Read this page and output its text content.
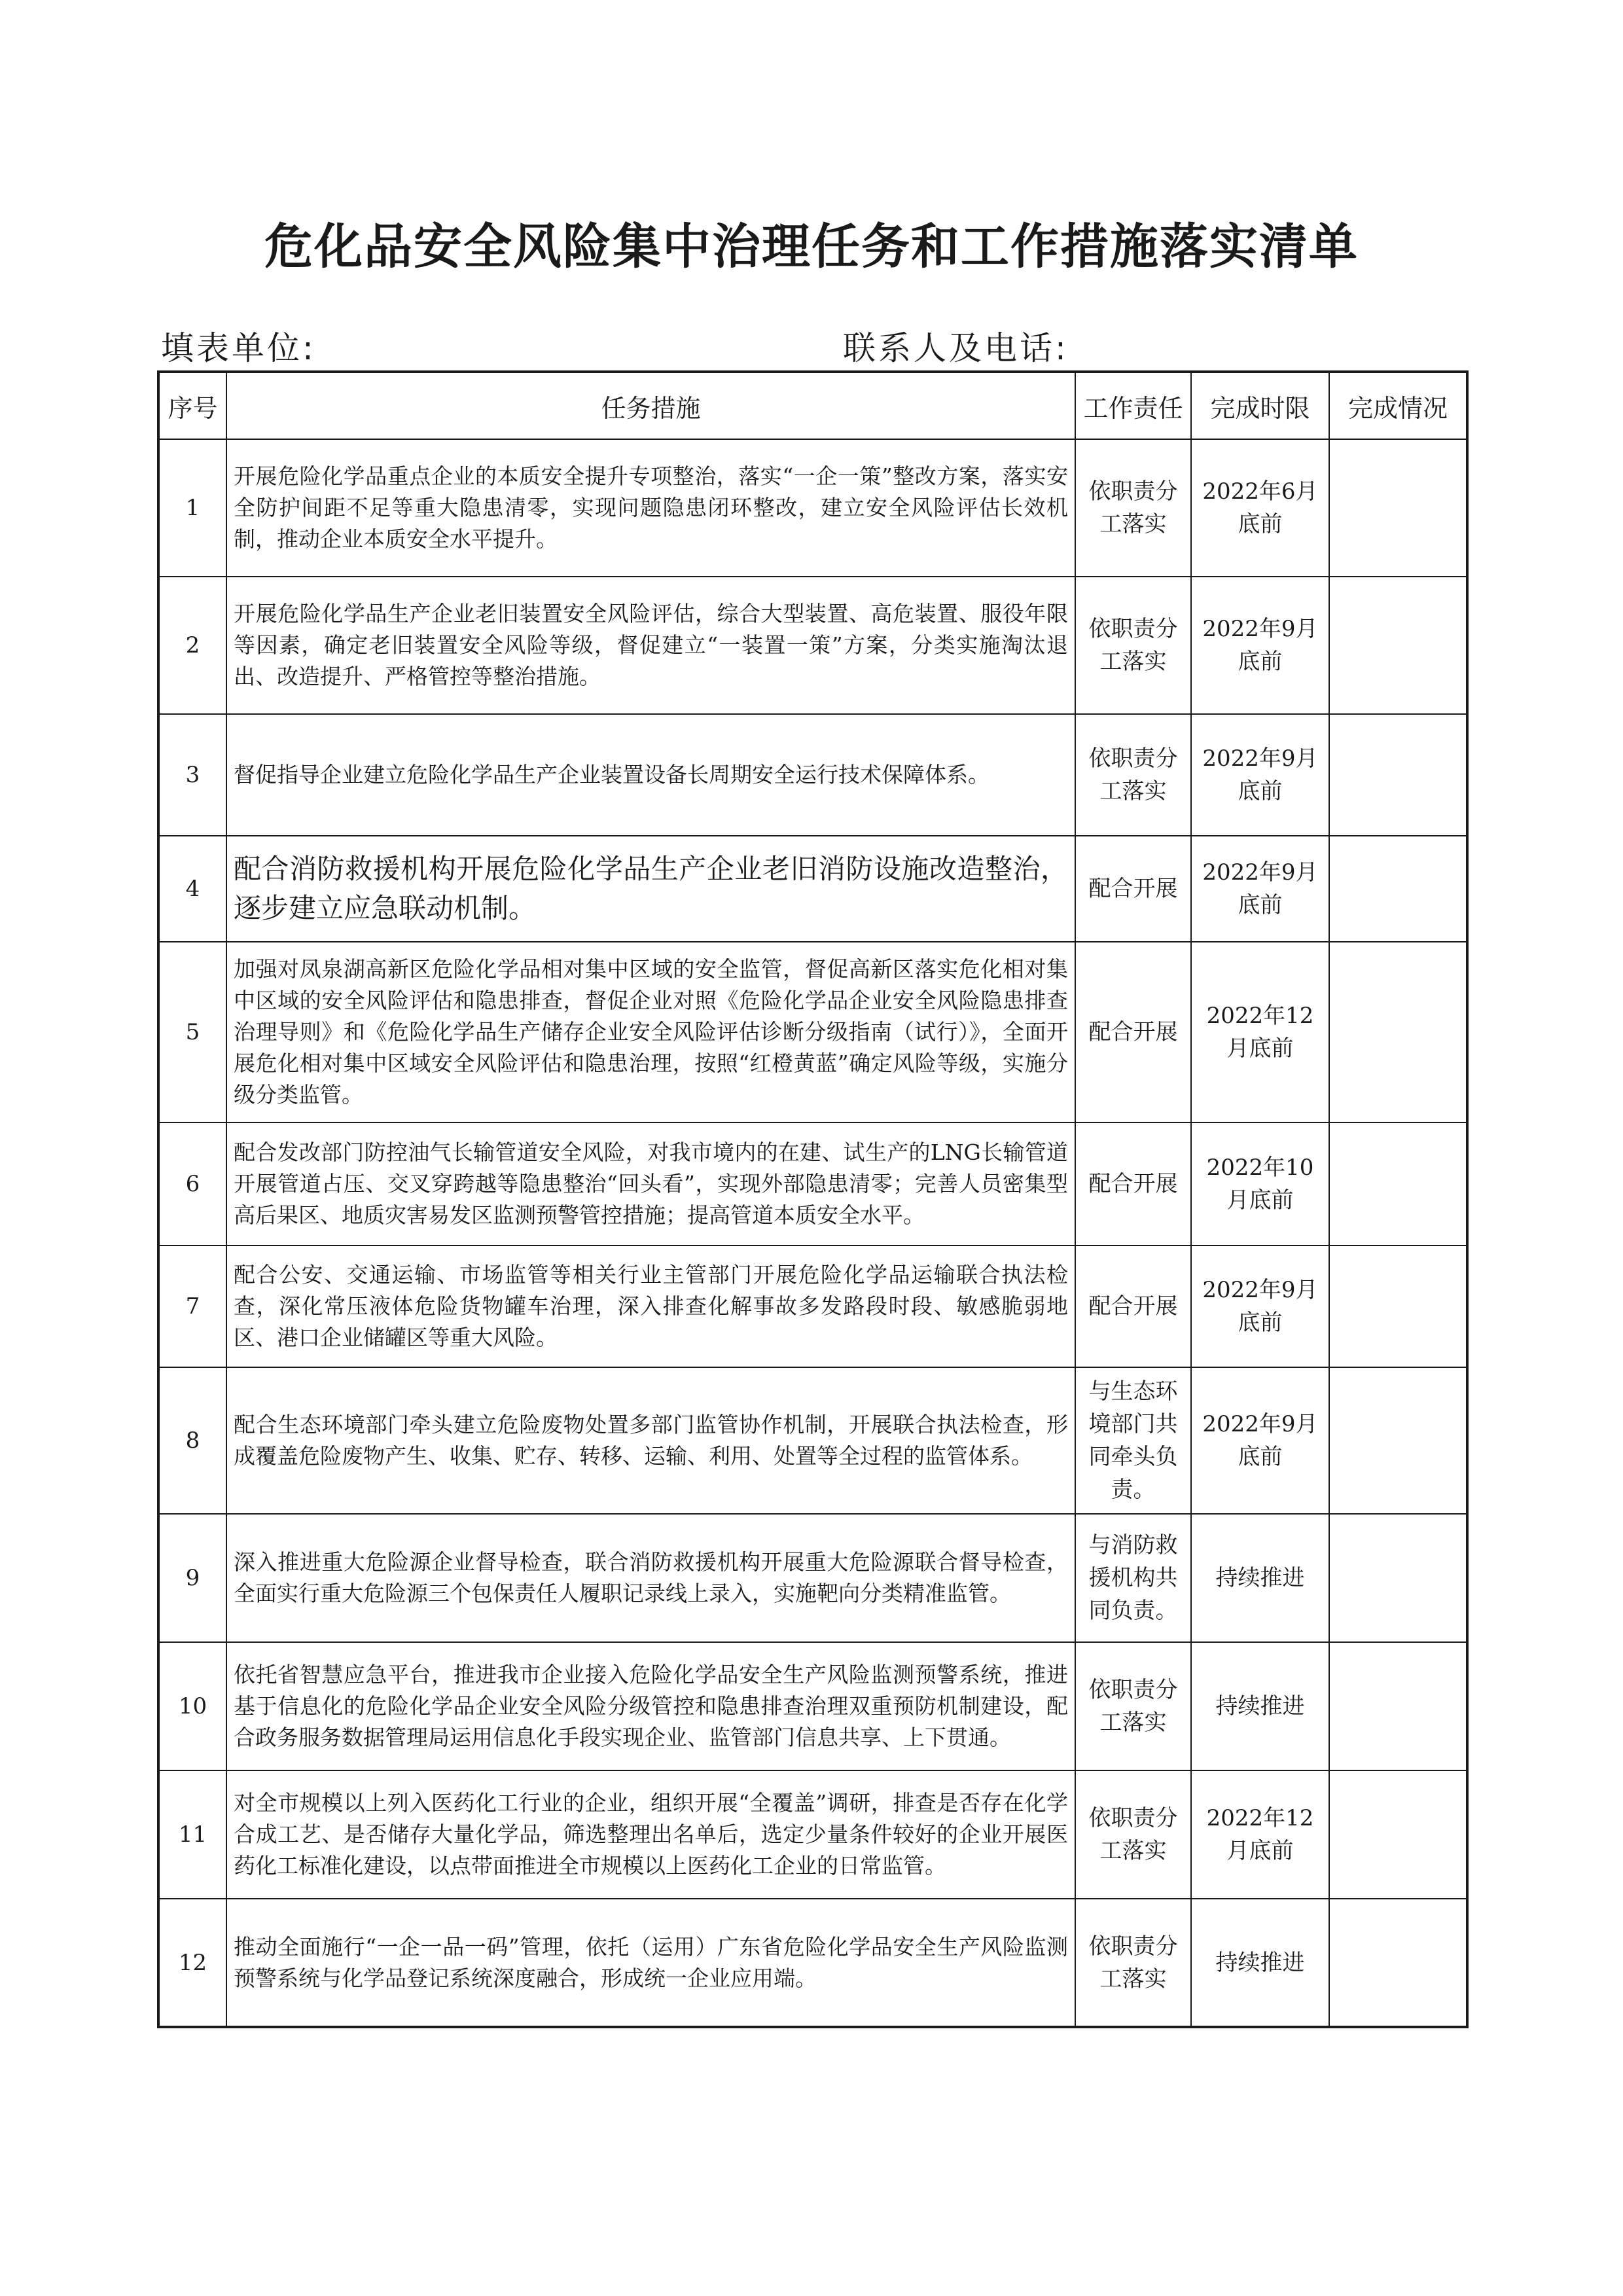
危化品安全风险集中治理任务和工作措施落实清单
填表单位:	联系人及电话:
序号	任务措施	工作责任	完成时限	完成情况
1	开展危险化学品重点企业的本质安全提升专项整治，落实“一企一策”整改方案，落实安全防护间距不足等重大隐患清零，实现问题隐患闭环整改，建立安全风险评估长效机制，推动企业本质安全水平提升。	依职责分工落实	2022年6月底前	
2	开展危险化学品生产企业老旧装置安全风险评估，综合大型装置、高危装置、服役年限等因素，确定老旧装置安全风险等级，督促建立“一装置一策”方案，分类实施淘汰退出、改造提升、严格管控等整治措施。	依职责分工落实	2022年9月底前	
3	督促指导企业建立危险化学品生产企业装置设备长周期安全运行技术保障体系。	依职责分工落实	2022年9月底前	
4	配合消防救援机构开展危险化学品生产企业老旧消防设施改造整治，逐步建立应急联动机制。	配合开展	2022年9月底前	
5	加强对凤泉湖高新区危险化学品相对集中区域的安全监管，督促高新区落实危化相对集中区域的安全风险评估和隐患排查，督促企业对照《危险化学品企业安全风险隐患排查治理导则》和《危险化学品生产储存企业安全风险评估诊断分级指南（试行）》，全面开展危化相对集中区域安全风险评估和隐患治理，按照“红橙黄蓝”确定风险等级，实施分级分类监管。	配合开展	2022年12月底前	
6	配合发改部门防控油气长输管道安全风险，对我市境内的在建、试生产的LNG长输管道开展管道占压、交叉穿跨越等隐患整治“回头看”，实现外部隐患清零；完善人员密集型高后果区、地质灾害易发区监测预警管控措施；提高管道本质安全水平。	配合开展	2022年10月底前	
7	配合公安、交通运输、市场监管等相关行业主管部门开展危险化学品运输联合执法检查，深化常压液体危险货物罐车治理，深入排查化解事故多发路段时段、敏感脆弱地区、港口企业储罐区等重大风险。	配合开展	2022年9月底前	
8	配合生态环境部门牵头建立危险废物处置多部门监管协作机制，开展联合执法检查，形成覆盖危险废物产生、收集、贮存、转移、运输、利用、处置等全过程的监管体系。	与生态环境部门共同牵头负责。	2022年9月底前	
9	深入推进重大危险源企业督导检查，联合消防救援机构开展重大危险源联合督导检查，全面实行重大危险源三个包保责任人履职记录线上录入，实施靶向分类精准监管。	与消防救援机构共同负责。	持续推进	
10	依托省智慧应急平台，推进我市企业接入危险化学品安全生产风险监测预警系统，推进基于信息化的危险化学品企业安全风险分级管控和隐患排查治理双重预防机制建设，配合政务服务数据管理局运用信息化手段实现企业、监管部门信息共享、上下贯通。	依职责分工落实	持续推进	
11	对全市规模以上列入医药化工行业的企业，组织开展“全覆盖”调研，排查是否存在化学合成工艺、是否储存大量化学品，筛选整理出名单后，选定少量条件较好的企业开展医药化工标准化建设，以点带面推进全市规模以上医药化工企业的日常监管。	依职责分工落实	2022年12月底前	
12	推动全面施行“一企一品一码”管理，依托（运用）广东省危险化学品安全生产风险监测预警系统与化学品登记系统深度融合，形成统一企业应用端。	依职责分工落实	持续推进	
